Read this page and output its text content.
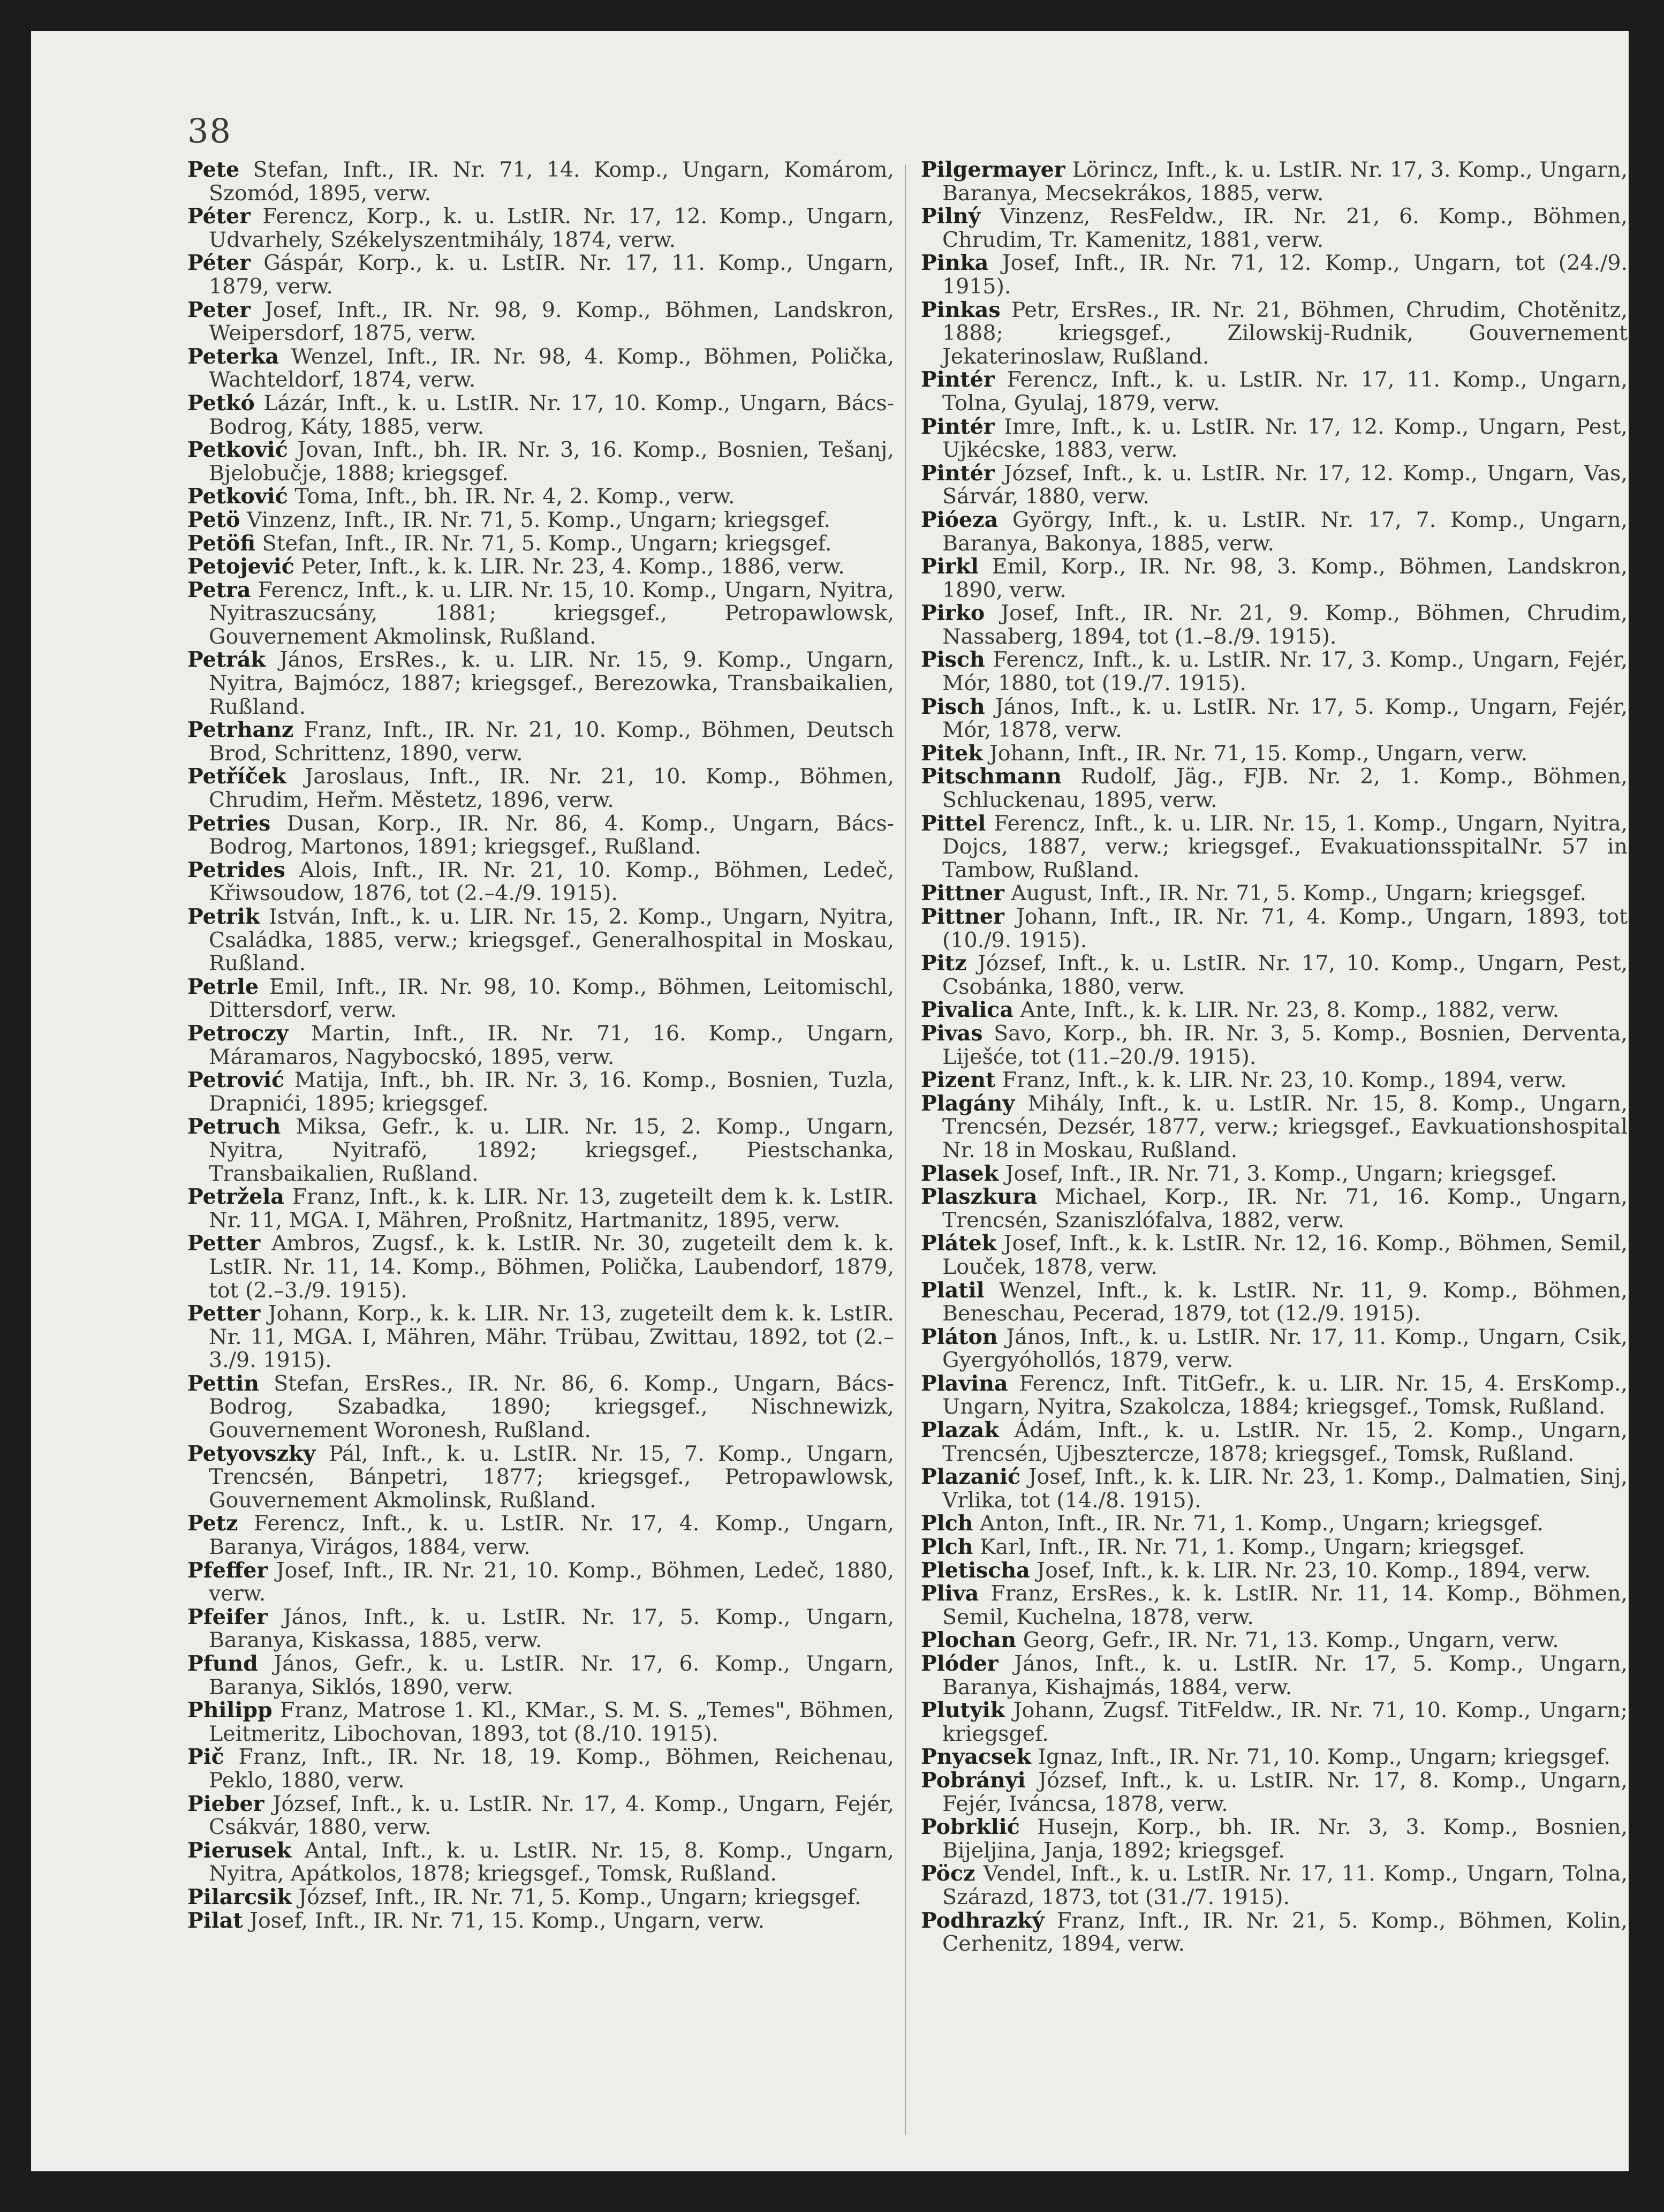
38
Pete Stefan, Inft., IR. Nr. 71, 14. Komp., Ungarn, Komárom, Szomód, 1895, verw.
Péter Ferencz, Korp., k. u. LstIR. Nr. 17, 12. Komp., Ungarn, Udvarhely, Székelyszentmihály, 1874, verw.
Péter Gáspár, Korp., k. u. LstIR. Nr. 17, 11. Komp., Ungarn, 1879, verw.
Peter Josef, Inft., IR. Nr. 98, 9. Komp., Böhmen, Landskron, Weipersdorf, 1875, verw.
Peterka Wenzel, Inft., IR. Nr. 98, 4. Komp., Böhmen, Polička, Wachteldorf, 1874, verw.
Petkó Lázár, Inft., k. u. LstIR. Nr. 17, 10. Komp., Ungarn, Bács-Bodrog, Káty, 1885, verw.
Petković Jovan, Inft., bh. IR. Nr. 3, 16. Komp., Bosnien, Tešanj, Bjelobučje, 1888; kriegsgef.
Petković Toma, Inft., bh. IR. Nr. 4, 2. Komp., verw.
Petö Vinzenz, Inft., IR. Nr. 71, 5. Komp., Ungarn; kriegsgef.
Petöfi Stefan, Inft., IR. Nr. 71, 5. Komp., Ungarn; kriegsgef.
Petojević Peter, Inft., k. k. LIR. Nr. 23, 4. Komp., 1886, verw.
Petra Ferencz, Inft., k. u. LIR. Nr. 15, 10. Komp., Ungarn, Nyitra, Nyitraszucsány, 1881; kriegsgef., Petropawlowsk, Gouvernement Akmolinsk, Rußland.
Petrák János, ErsRes., k. u. LIR. Nr. 15, 9. Komp., Ungarn, Nyitra, Bajmócz, 1887; kriegsgef., Berezowka, Transbaikalien, Rußland.
Petrhanz Franz, Inft., IR. Nr. 21, 10. Komp., Böhmen, Deutsch Brod, Schrittenz, 1890, verw.
Petříček Jaroslaus, Inft., IR. Nr. 21, 10. Komp., Böhmen, Chrudim, Heřm. Městetz, 1896, verw.
Petries Dusan, Korp., IR. Nr. 86, 4. Komp., Ungarn, Bács-Bodrog, Martonos, 1891; kriegsgef., Rußland.
Petrides Alois, Inft., IR. Nr. 21, 10. Komp., Böhmen, Ledeč, Křiwsoudow, 1876, tot (2.–4./9. 1915).
Petrik István, Inft., k. u. LIR. Nr. 15, 2. Komp., Ungarn, Nyitra, Családka, 1885, verw.; kriegsgef., Generalhospital in Moskau, Rußland.
Petrle Emil, Inft., IR. Nr. 98, 10. Komp., Böhmen, Leitomischl, Dittersdorf, verw.
Petroczy Martin, Inft., IR. Nr. 71, 16. Komp., Ungarn, Máramaros, Nagybocskó, 1895, verw.
Petrović Matija, Inft., bh. IR. Nr. 3, 16. Komp., Bosnien, Tuzla, Drapnići, 1895; kriegsgef.
Petruch Miksa, Gefr., k. u. LIR. Nr. 15, 2. Komp., Ungarn, Nyitra, Nyitrafö, 1892; kriegsgef., Piestschanka, Transbaikalien, Rußland.
Petržela Franz, Inft., k. k. LIR. Nr. 13, zugeteilt dem k. k. LstIR. Nr. 11, MGA. I, Mähren, Proßnitz, Hartmanitz, 1895, verw.
Petter Ambros, Zugsf., k. k. LstIR. Nr. 30, zugeteilt dem k. k. LstIR. Nr. 11, 14. Komp., Böhmen, Polička, Laubendorf, 1879, tot (2.–3./9. 1915).
Petter Johann, Korp., k. k. LIR. Nr. 13, zugeteilt dem k. k. LstIR. Nr. 11, MGA. I, Mähren, Mähr. Trübau, Zwittau, 1892, tot (2.–3./9. 1915).
Pettin Stefan, ErsRes., IR. Nr. 86, 6. Komp., Ungarn, Bács-Bodrog, Szabadka, 1890; kriegsgef., Nischnewizk, Gouvernement Woronesh, Rußland.
Petyovszky Pál, Inft., k. u. LstIR. Nr. 15, 7. Komp., Ungarn, Trencsén, Bánpetri, 1877; kriegsgef., Petropawlowsk, Gouvernement Akmolinsk, Rußland.
Petz Ferencz, Inft., k. u. LstIR. Nr. 17, 4. Komp., Ungarn, Baranya, Virágos, 1884, verw.
Pfeffer Josef, Inft., IR. Nr. 21, 10. Komp., Böhmen, Ledeč, 1880, verw.
Pfeifer János, Inft., k. u. LstIR. Nr. 17, 5. Komp., Ungarn, Baranya, Kiskassa, 1885, verw.
Pfund János, Gefr., k. u. LstIR. Nr. 17, 6. Komp., Ungarn, Baranya, Siklós, 1890, verw.
Philipp Franz, Matrose 1. Kl., KMar., S. M. S. „Temes", Böhmen, Leitmeritz, Libochovan, 1893, tot (8./10. 1915).
Pič Franz, Inft., IR. Nr. 18, 19. Komp., Böhmen, Reichenau, Peklo, 1880, verw.
Pieber József, Inft., k. u. LstIR. Nr. 17, 4. Komp., Ungarn, Fejér, Csákvár, 1880, verw.
Pierusek Antal, Inft., k. u. LstIR. Nr. 15, 8. Komp., Ungarn, Nyitra, Apátkolos, 1878; kriegsgef., Tomsk, Rußland.
Pilarcsik József, Inft., IR. Nr. 71, 5. Komp., Ungarn; kriegsgef.
Pilat Josef, Inft., IR. Nr. 71, 15. Komp., Ungarn, verw.
Pilgermayer Lörincz, Inft., k. u. LstIR. Nr. 17, 3. Komp., Ungarn, Baranya, Mecsekrákos, 1885, verw.
Pilný Vinzenz, ResFeldw., IR. Nr. 21, 6. Komp., Böhmen, Chrudim, Tr. Kamenitz, 1881, verw.
Pinka Josef, Inft., IR. Nr. 71, 12. Komp., Ungarn, tot (24./9. 1915).
Pinkas Petr, ErsRes., IR. Nr. 21, Böhmen, Chrudim, Chotěnitz, 1888; kriegsgef., Zilowskij-Rudnik, Gouvernement Jekaterinoslaw, Rußland.
Pintér Ferencz, Inft., k. u. LstIR. Nr. 17, 11. Komp., Ungarn, Tolna, Gyulaj, 1879, verw.
Pintér Imre, Inft., k. u. LstIR. Nr. 17, 12. Komp., Ungarn, Pest, Ujkécske, 1883, verw.
Pintér József, Inft., k. u. LstIR. Nr. 17, 12. Komp., Ungarn, Vas, Sárvár, 1880, verw.
Pióeza György, Inft., k. u. LstIR. Nr. 17, 7. Komp., Ungarn, Baranya, Bakonya, 1885, verw.
Pirkl Emil, Korp., IR. Nr. 98, 3. Komp., Böhmen, Landskron, 1890, verw.
Pirko Josef, Inft., IR. Nr. 21, 9. Komp., Böhmen, Chrudim, Nassaberg, 1894, tot (1.–8./9. 1915).
Pisch Ferencz, Inft., k. u. LstIR. Nr. 17, 3. Komp., Ungarn, Fejér, Mór, 1880, tot (19./7. 1915).
Pisch János, Inft., k. u. LstIR. Nr. 17, 5. Komp., Ungarn, Fejér, Mór, 1878, verw.
Pitek Johann, Inft., IR. Nr. 71, 15. Komp., Ungarn, verw.
Pitschmann Rudolf, Jäg., FJB. Nr. 2, 1. Komp., Böhmen, Schluckenau, 1895, verw.
Pittel Ferencz, Inft., k. u. LIR. Nr. 15, 1. Komp., Ungarn, Nyitra, Dojcs, 1887, verw.; kriegsgef., EvakuationsspitalNr. 57 in Tambow, Rußland.
Pittner August, Inft., IR. Nr. 71, 5. Komp., Ungarn; kriegsgef.
Pittner Johann, Inft., IR. Nr. 71, 4. Komp., Ungarn, 1893, tot (10./9. 1915).
Pitz József, Inft., k. u. LstIR. Nr. 17, 10. Komp., Ungarn, Pest, Csobánka, 1880, verw.
Pivalica Ante, Inft., k. k. LIR. Nr. 23, 8. Komp., 1882, verw.
Pivas Savo, Korp., bh. IR. Nr. 3, 5. Komp., Bosnien, Derventa, Liješće, tot (11.–20./9. 1915).
Pizent Franz, Inft., k. k. LIR. Nr. 23, 10. Komp., 1894, verw.
Plagány Mihály, Inft., k. u. LstIR. Nr. 15, 8. Komp., Ungarn, Trencsén, Dezsér, 1877, verw.; kriegsgef., Eavkuationshospital Nr. 18 in Moskau, Rußland.
Plasek Josef, Inft., IR. Nr. 71, 3. Komp., Ungarn; kriegsgef.
Plaszkura Michael, Korp., IR. Nr. 71, 16. Komp., Ungarn, Trencsén, Szaniszlófalva, 1882, verw.
Plátek Josef, Inft., k. k. LstIR. Nr. 12, 16. Komp., Böhmen, Semil, Louček, 1878, verw.
Platil Wenzel, Inft., k. k. LstIR. Nr. 11, 9. Komp., Böhmen, Beneschau, Pecerad, 1879, tot (12./9. 1915).
Pláton János, Inft., k. u. LstIR. Nr. 17, 11. Komp., Ungarn, Csik, Gyergyóhollós, 1879, verw.
Plavina Ferencz, Inft. TitGefr., k. u. LIR. Nr. 15, 4. ErsKomp., Ungarn, Nyitra, Szakolcza, 1884; kriegsgef., Tomsk, Rußland.
Plazak Ádám, Inft., k. u. LstIR. Nr. 15, 2. Komp., Ungarn, Trencsén, Ujbesztercze, 1878; kriegsgef., Tomsk, Rußland.
Plazanić Josef, Inft., k. k. LIR. Nr. 23, 1. Komp., Dalmatien, Sinj, Vrlika, tot (14./8. 1915).
Plch Anton, Inft., IR. Nr. 71, 1. Komp., Ungarn; kriegsgef.
Plch Karl, Inft., IR. Nr. 71, 1. Komp., Ungarn; kriegsgef.
Pletischa Josef, Inft., k. k. LIR. Nr. 23, 10. Komp., 1894, verw.
Pliva Franz, ErsRes., k. k. LstIR. Nr. 11, 14. Komp., Böhmen, Semil, Kuchelna, 1878, verw.
Plochan Georg, Gefr., IR. Nr. 71, 13. Komp., Ungarn, verw.
Plóder János, Inft., k. u. LstIR. Nr. 17, 5. Komp., Ungarn, Baranya, Kishajmás, 1884, verw.
Plutyik Johann, Zugsf. TitFeldw., IR. Nr. 71, 10. Komp., Ungarn; kriegsgef.
Pnyacsek Ignaz, Inft., IR. Nr. 71, 10. Komp., Ungarn; kriegsgef.
Pobrányi József, Inft., k. u. LstIR. Nr. 17, 8. Komp., Ungarn, Fejér, Iváncsa, 1878, verw.
Pobrklić Husejn, Korp., bh. IR. Nr. 3, 3. Komp., Bosnien, Bijeljina, Janja, 1892; kriegsgef.
Pöcz Vendel, Inft., k. u. LstIR. Nr. 17, 11. Komp., Ungarn, Tolna, Szárazd, 1873, tot (31./7. 1915).
Podhrazký Franz, Inft., IR. Nr. 21, 5. Komp., Böhmen, Kolin, Cerhenitz, 1894, verw.
